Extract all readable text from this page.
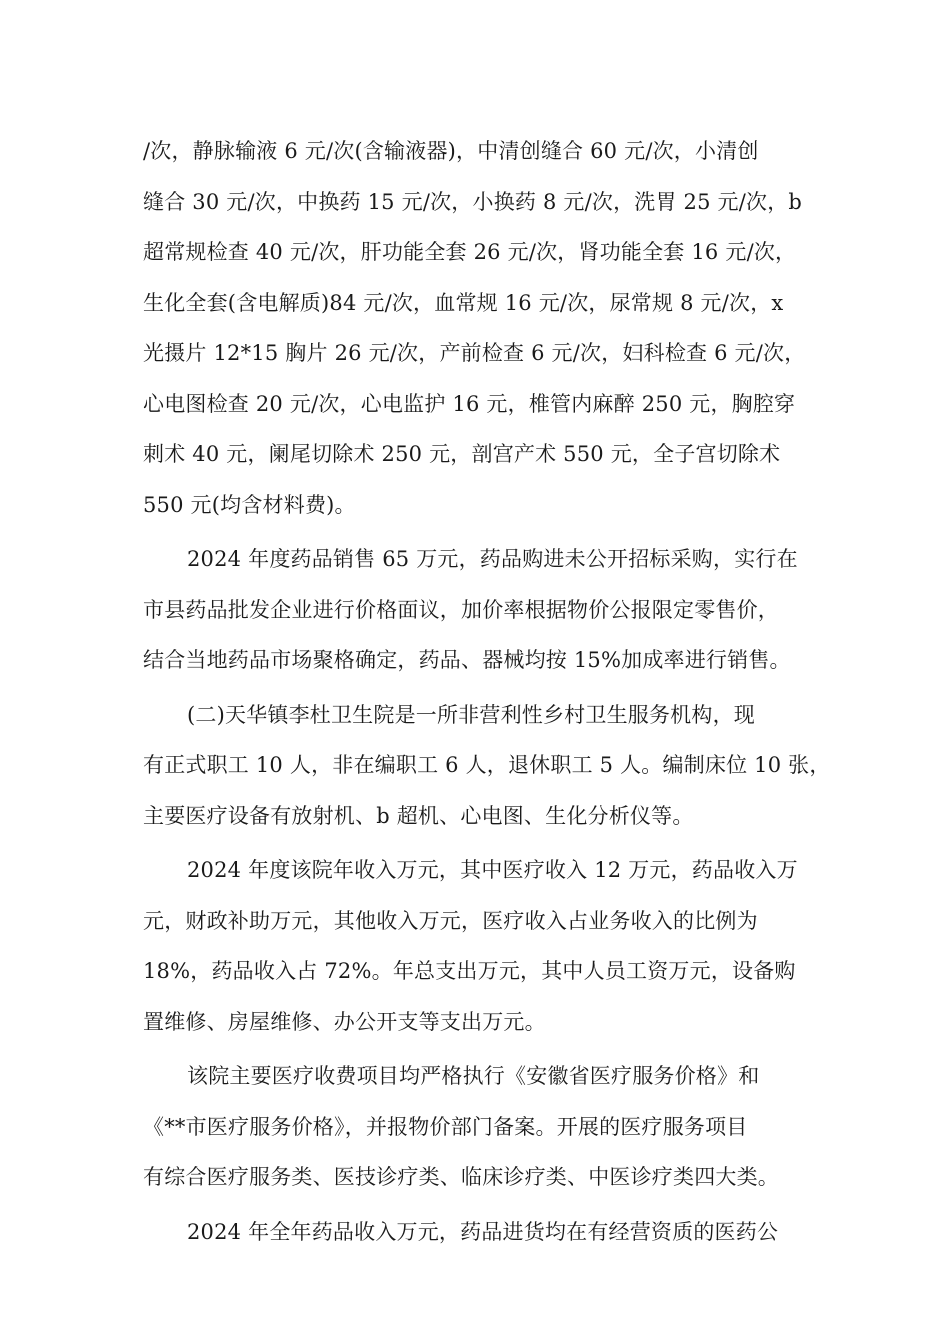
/次，静脉输液 6 元/次(含输液器)，中清创缝合 60 元/次，小清创
缝合 30 元/次，中换药 15 元/次，小换药 8 元/次，洗胃 25 元/次，b
超常规检查 40 元/次，肝功能全套 26 元/次，肾功能全套 16 元/次，
生化全套(含电解质)84 元/次，血常规 16 元/次，尿常规 8 元/次，x
光摄片 12*15 胸片 26 元/次，产前检查 6 元/次，妇科检查 6 元/次，
心电图检查 20 元/次，心电监护 16 元，椎管内麻醉 250 元，胸腔穿
刺术 40 元，阑尾切除术 250 元，剖宫产术 550 元，全子宫切除术
550 元(均含材料费)。

2024 年度药品销售 65 万元，药品购进未公开招标采购，实行在
市县药品批发企业进行价格面议，加价率根据物价公报限定零售价，
结合当地药品市场聚格确定，药品、器械均按 15%加成率进行销售。

(二)天华镇李杜卫生院是一所非营利性乡村卫生服务机构，现
有正式职工 10 人，非在编职工 6 人，退休职工 5 人。编制床位 10 张，
主要医疗设备有放射机、b 超机、心电图、生化分析仪等。

2024 年度该院年收入万元，其中医疗收入 12 万元，药品收入万
元，财政补助万元，其他收入万元，医疗收入占业务收入的比例为
18%，药品收入占 72%。年总支出万元，其中人员工资万元，设备购
置维修、房屋维修、办公开支等支出万元。

该院主要医疗收费项目均严格执行《安徽省医疗服务价格》和
《**市医疗服务价格》，并报物价部门备案。开展的医疗服务项目
有综合医疗服务类、医技诊疗类、临床诊疗类、中医诊疗类四大类。

2024 年全年药品收入万元，药品进货均在有经营资质的医药公
